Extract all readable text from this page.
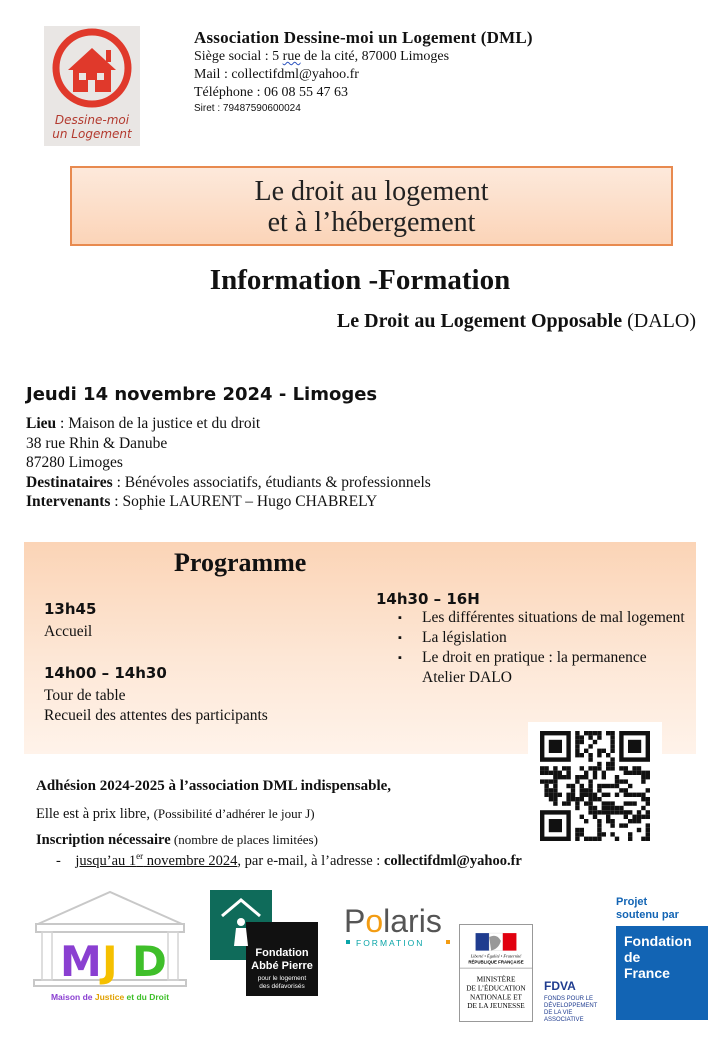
Dessine-moi
un Logement
Association Dessine-moi un Logement (DML)
Siège social : 5 rue de la cité, 87000 Limoges
Mail : collectifdml@yahoo.fr
Téléphone : 06 08 55 47 63
Siret : 79487590600024
Le droit au logement
et à l’hébergement
Information -Formation
Le Droit au Logement Opposable (DALO)
Jeudi 14 novembre 2024 - Limoges
Lieu : Maison de la justice et du droit
38 rue Rhin & Danube
87280 Limoges
Destinataires : Bénévoles associatifs, étudiants & professionnels
Intervenants : Sophie LAURENT – Hugo CHABRELY
Programme
13h45
Accueil
14h00 – 14h30
Tour de table
Recueil des attentes des participants
14h30 – 16H
▪ Les différentes situations de mal logement
▪ La législation
▪ Le droit en pratique : la permanence Atelier DALO
Adhésion 2024-2025 à l’association DML indispensable,
Elle est à prix libre, (Possibilité d’adhérer le jour J)
Inscription nécessaire (nombre de places limitées)
- jusqu’au 1er novembre 2024, par e-mail, à l’adresse : collectifdml@yahoo.fr
M J D
Maison de Justice et du Droit
Fondation
Abbé Pierre
pour le logement
des défavorisés
Polaris
FORMATION
Liberté • Égalité • Fraternité
RÉPUBLIQUE FRANÇAISE
MINISTÈRE
DE L’ÉDUCATION
NATIONALE ET
DE LA JEUNESSE
FDVA
FONDS POUR LE
DÉVELOPPEMENT
DE LA VIE
ASSOCIATIVE
Projet
soutenu par
Fondation
de
France
